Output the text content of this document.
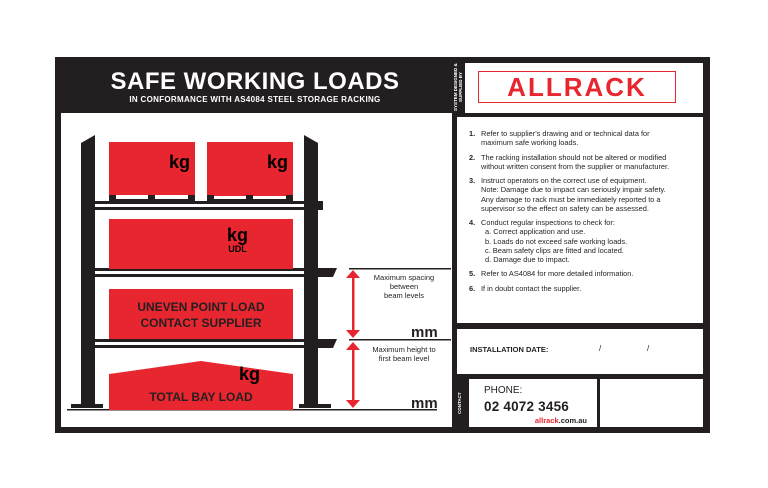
SAFE WORKING LOADS
IN CONFORMANCE WITH AS4084 STEEL STORAGE RACKING	SYSTEM DESIGNED & SUPPLIED BY	ALLRACK
kg	kg
kg
UDL
UNEVEN POINT LOAD
CONTACT SUPPLIER
kg
TOTAL BAY LOAD
Maximum spacing
between
beam levels
mm
Maximum height to
first beam level
mm
1. Refer to supplier's drawing and or technical data for
maximum safe working loads.
2. The racking installation should not be altered or modified
without written consent from the supplier or manufacturer.
3. Instruct operators on the correct use of equipment.
Note: Damage due to impact can seriously impair safety.
Any damage to rack must be immediately reported to a
supervisor so the effect on safety can be assessed.
4. Conduct regular inspections to check for:
a. Correct application and use.
b. Loads do not exceed safe working loads.
c. Beam safety clips are fitted and located.
d. Damage due to impact.
5. Refer to AS4084 for more detailed information.
6. If in doubt contact the supplier.
INSTALLATION DATE:	/	/
CONTACT
PHONE:
02 4072 3456
allrack.com.au MANUFACTURER
